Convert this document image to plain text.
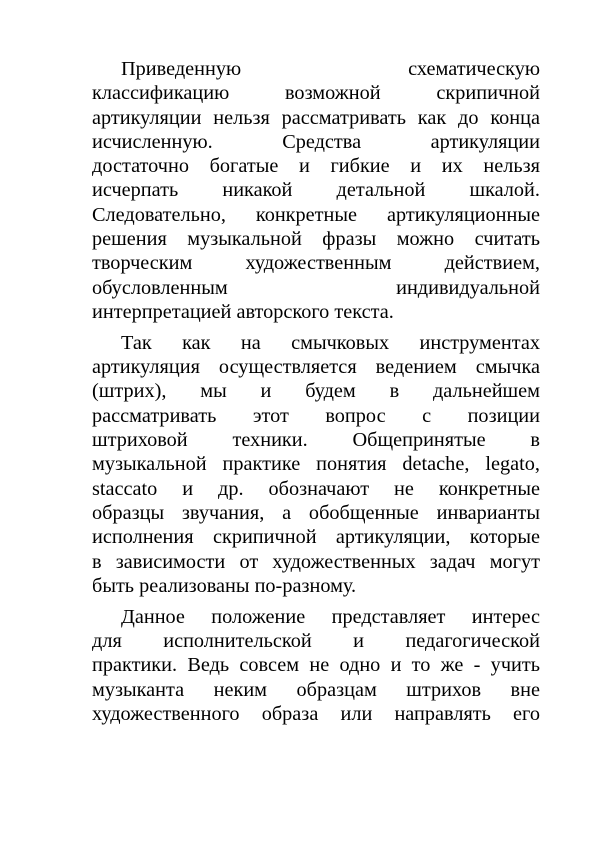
Приведенную схематическую
классификацию возможной скрипичной
артикуляции нельзя рассматривать как до конца
исчисленную. Средства артикуляции
достаточно богатые и гибкие и их нельзя
исчерпать никакой детальной шкалой.
Следовательно, конкретные артикуляционные
решения музыкальной фразы можно считать
творческим художественным действием,
обусловленным индивидуальной
интерпретацией авторского текста.
Так как на смычковых инструментах
артикуляция осуществляется ведением смычка
(штрих), мы и будем в дальнейшем
рассматривать этот вопрос с позиции
штриховой техники. Общепринятые в
музыкальной практике понятия detache, legato,
staccato и др. обозначают не конкретные
образцы звучания, а обобщенные инварианты
исполнения скрипичной артикуляции, которые
в зависимости от художественных задач могут
быть реализованы по-разному.
Данное положение представляет интерес
для исполнительской и педагогической
практики. Ведь совсем не одно и то же - учить
музыканта неким образцам штрихов вне
художественного образа или направлять его
